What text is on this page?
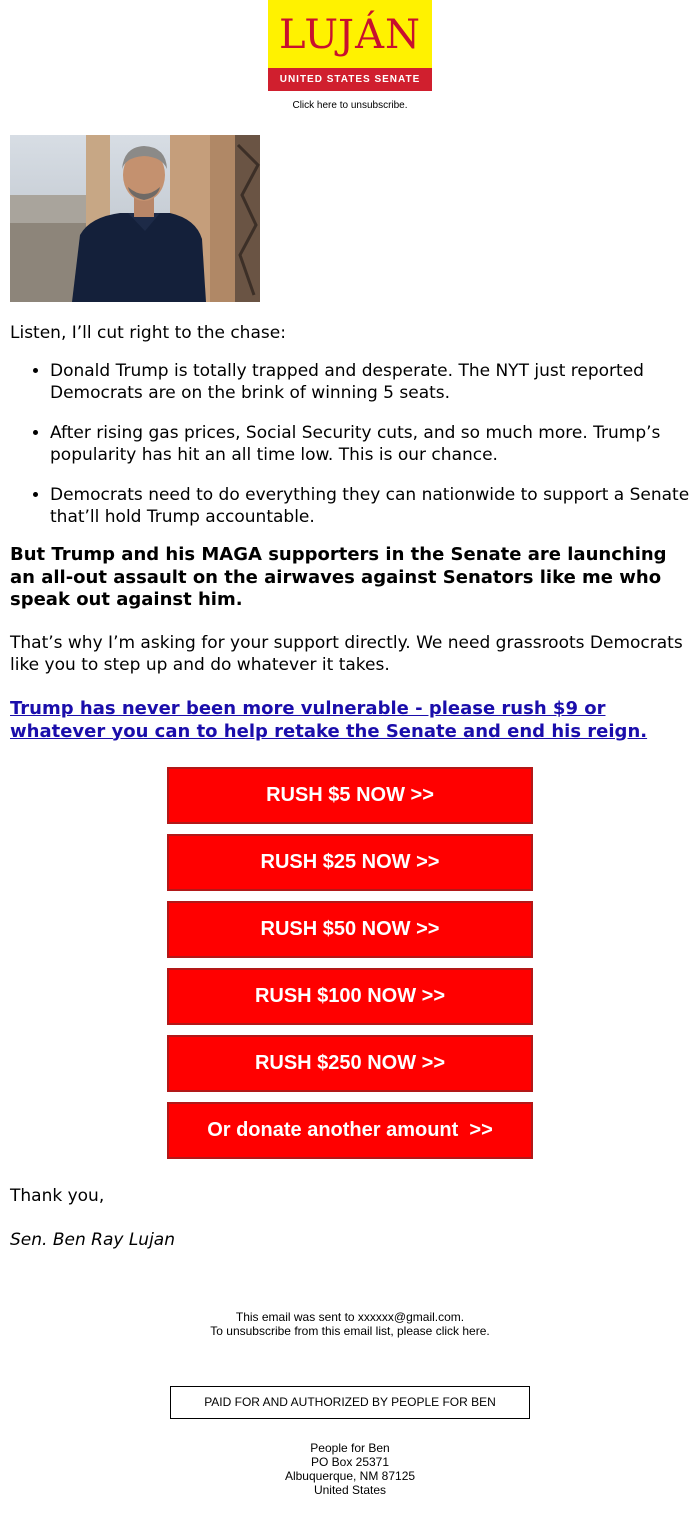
LUJÁN
UNITED STATES SENATE
Click here to unsubscribe.

Listen, I’ll cut right to the chase:

• Donald Trump is totally trapped and desperate. The NYT just reported Democrats are on the brink of winning 5 seats.
• After rising gas prices, Social Security cuts, and so much more. Trump’s popularity has hit an all time low. This is our chance.
• Democrats need to do everything they can nationwide to support a Senate that’ll hold Trump accountable.

But Trump and his MAGA supporters in the Senate are launching an all-out assault on the airwaves against Senators like me who speak out against him.

That’s why I’m asking for your support directly. We need grassroots Democrats like you to step up and do whatever it takes.

Trump has never been more vulnerable - please rush $9 or whatever you can to help retake the Senate and end his reign.
RUSH $5 NOW >>
RUSH $25 NOW >>
RUSH $50 NOW >>
RUSH $100 NOW >>
RUSH $250 NOW >>
Or donate another amount  >>

Thank you,

Sen. Ben Ray Lujan

This email was sent to xxxxxx@gmail.com.
To unsubscribe from this email list, please click here.
PAID FOR AND AUTHORIZED BY PEOPLE FOR BEN
People for Ben
PO Box 25371
Albuquerque, NM 87125
United States
